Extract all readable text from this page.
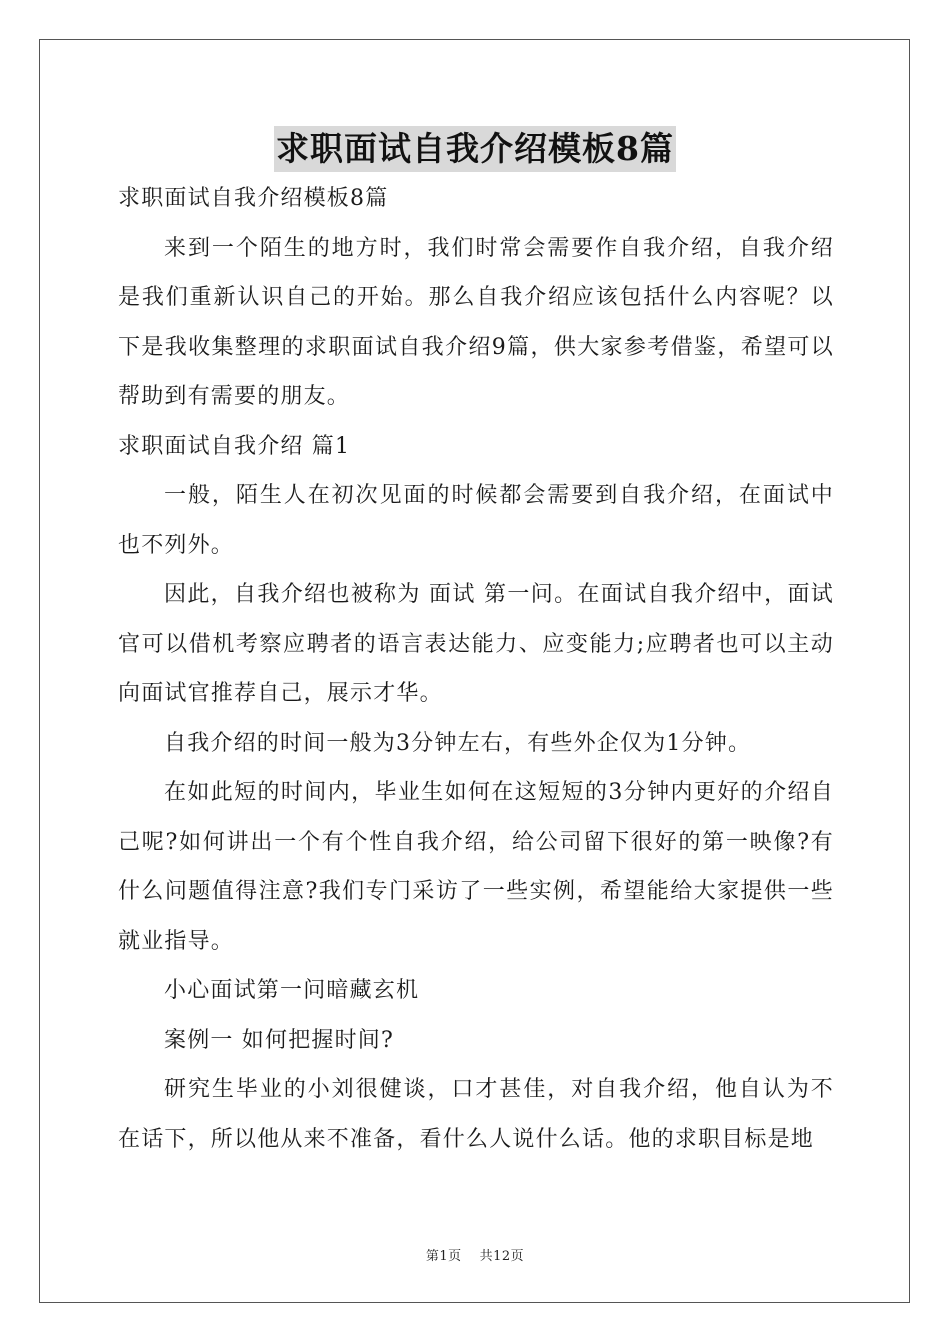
求职面试自我介绍模板8篇

求职面试自我介绍模板8篇

来到一个陌生的地方时，我们时常会需要作自我介绍，自我介绍是我们重新认识自己的开始。那么自我介绍应该包括什么内容呢？以下是我收集整理的求职面试自我介绍9篇，供大家参考借鉴，希望可以帮助到有需要的朋友。

求职面试自我介绍 篇1

一般，陌生人在初次见面的时候都会需要到自我介绍，在面试中也不列外。

因此，自我介绍也被称为 面试 第一问。在面试自我介绍中，面试官可以借机考察应聘者的语言表达能力、应变能力;应聘者也可以主动向面试官推荐自己，展示才华。

自我介绍的时间一般为3分钟左右，有些外企仅为1分钟。

在如此短的时间内，毕业生如何在这短短的3分钟内更好的介绍自己呢?如何讲出一个有个性自我介绍，给公司留下很好的第一映像?有什么问题值得注意?我们专门采访了一些实例，希望能给大家提供一些就业指导。

小心面试第一问暗藏玄机

案例一 如何把握时间?

研究生毕业的小刘很健谈，口才甚佳，对自我介绍，他自认为不在话下，所以他从来不准备，看什么人说什么话。他的求职目标是地

第1页 共12页
